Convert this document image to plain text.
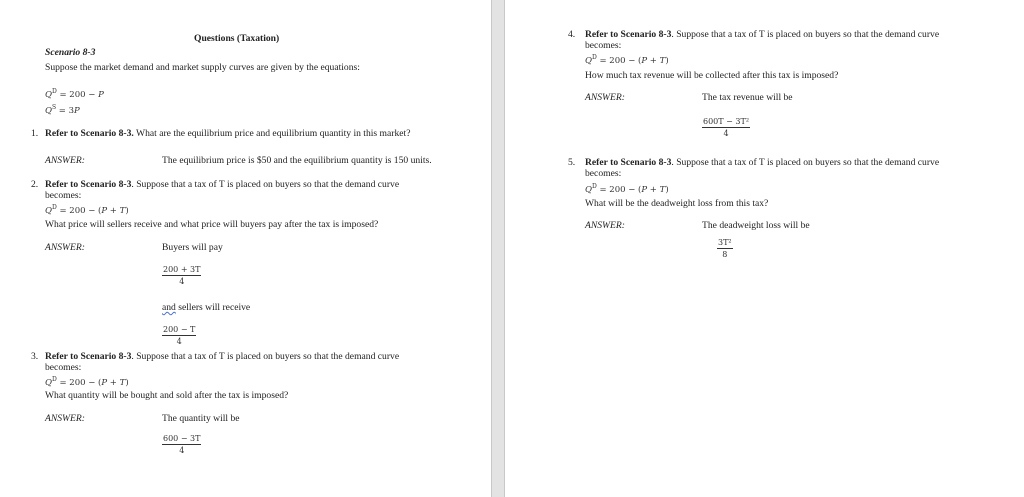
Questions (Taxation)
Scenario 8-3
Suppose the market demand and market supply curves are given by the equations:
$Q^D = 200 - P$
$Q^S = 3P$
1. Refer to Scenario 8-3. What are the equilibrium price and equilibrium quantity in this market?
ANSWER:	The equilibrium price is $50 and the equilibrium quantity is 150 units.
2. Refer to Scenario 8-3. Suppose that a tax of T is placed on buyers so that the demand curve
becomes:
$Q^D = 200 - (P + T)$
What price will sellers receive and what price will buyers pay after the tax is imposed?
ANSWER:	Buyers will pay
$\frac{200 + 3T}{4}$
and sellers will receive
$\frac{200 - T}{4}$
3. Refer to Scenario 8-3. Suppose that a tax of T is placed on buyers so that the demand curve
becomes:
$Q^D = 200 - (P + T)$
What quantity will be bought and sold after the tax is imposed?
ANSWER:	The quantity will be
$\frac{600 - 3T}{4}$
4. Refer to Scenario 8-3. Suppose that a tax of T is placed on buyers so that the demand curve
becomes:
$Q^D = 200 - (P + T)$
How much tax revenue will be collected after this tax is imposed?
ANSWER:	The tax revenue will be
$\frac{\text{600T − 3T²}}{4}$
5. Refer to Scenario 8-3. Suppose that a tax of T is placed on buyers so that the demand curve
becomes:
$Q^D = 200 - (P + T)$
What will be the deadweight loss from this tax?
ANSWER:	The deadweight loss will be
$\frac{\text{3T²}}{8}$
